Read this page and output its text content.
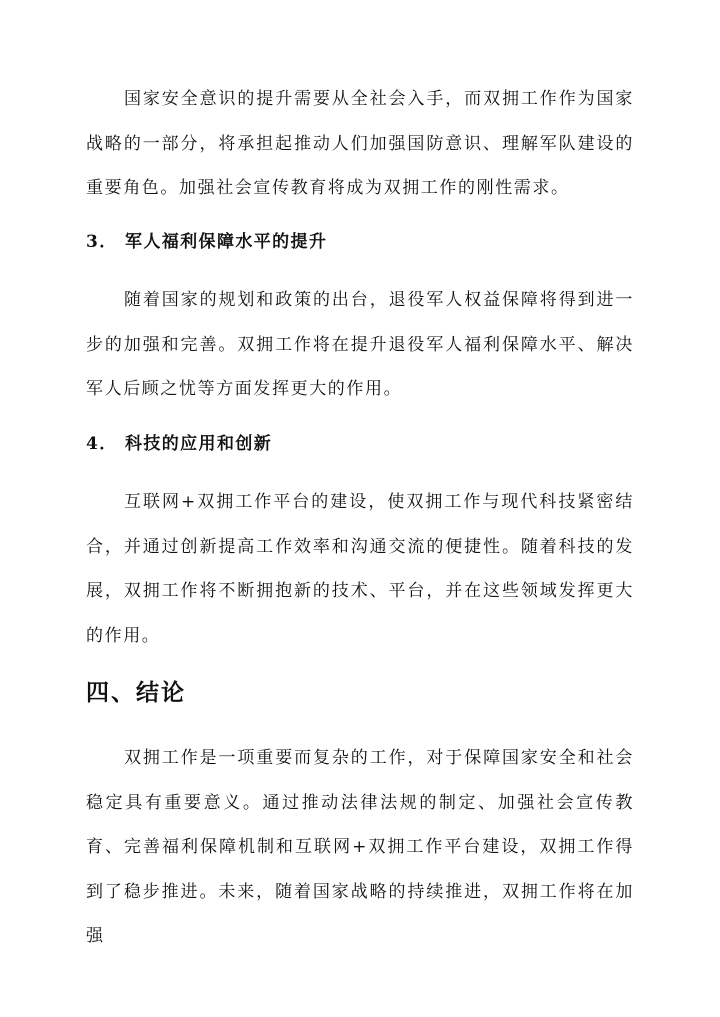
国家安全意识的提升需要从全社会入手，而双拥工作作为国家战略的一部分，将承担起推动人们加强国防意识、理解军队建设的重要角色。加强社会宣传教育将成为双拥工作的刚性需求。

3． 军人福利保障水平的提升

随着国家的规划和政策的出台，退役军人权益保障将得到进一步的加强和完善。双拥工作将在提升退役军人福利保障水平、解决军人后顾之忧等方面发挥更大的作用。

4． 科技的应用和创新

互联网+双拥工作平台的建设，使双拥工作与现代科技紧密结合，并通过创新提高工作效率和沟通交流的便捷性。随着科技的发展，双拥工作将不断拥抱新的技术、平台，并在这些领域发挥更大的作用。

四、结论

双拥工作是一项重要而复杂的工作，对于保障国家安全和社会稳定具有重要意义。通过推动法律法规的制定、加强社会宣传教育、完善福利保障机制和互联网+双拥工作平台建设，双拥工作得到了稳步推进。未来，随着国家战略的持续推进，双拥工作将在加强
